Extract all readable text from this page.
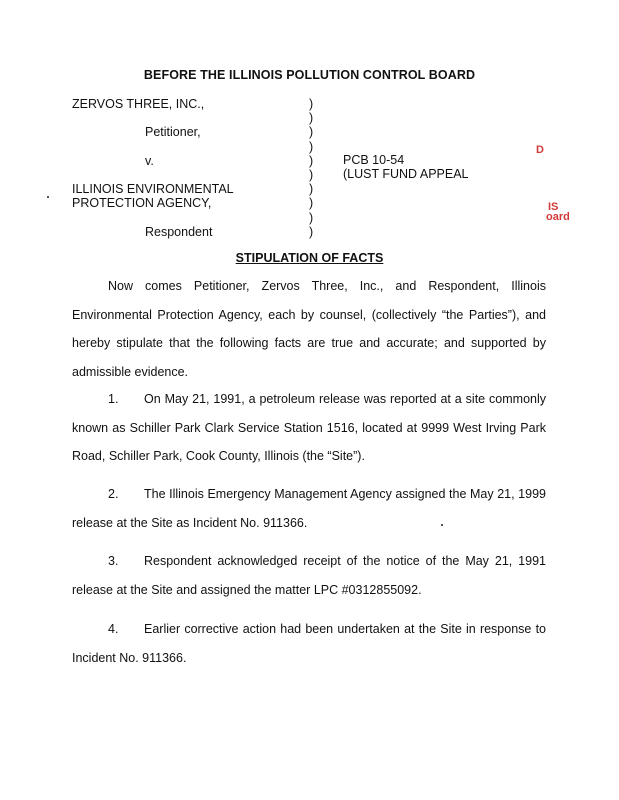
BEFORE THE ILLINOIS POLLUTION CONTROL BOARD
ZERVOS THREE, INC.,
Petitioner,
v.
ILLINOIS ENVIRONMENTAL
PROTECTION AGENCY,
Respondent
)
)
)
)
)
)
)
)
)
)
PCB 10-54
(LUST FUND APPEAL
D
IS
oard
STIPULATION OF FACTS
Now comes Petitioner, Zervos Three, Inc., and Respondent, Illinois Environmental Protection Agency, each by counsel, (collectively “the Parties”), and hereby stipulate that the following facts are true and accurate; and supported by admissible evidence.
1. On May 21, 1991, a petroleum release was reported at a site commonly known as Schiller Park Clark Service Station 1516, located at 9999 West Irving Park Road, Schiller Park, Cook County, Illinois (the “Site”).
2. The Illinois Emergency Management Agency assigned the May 21, 1999 release at the Site as Incident No. 911366.
3. Respondent acknowledged receipt of the notice of the May 21, 1991 release at the Site and assigned the matter LPC #0312855092.
4. Earlier corrective action had been undertaken at the Site in response to Incident No. 911366.
